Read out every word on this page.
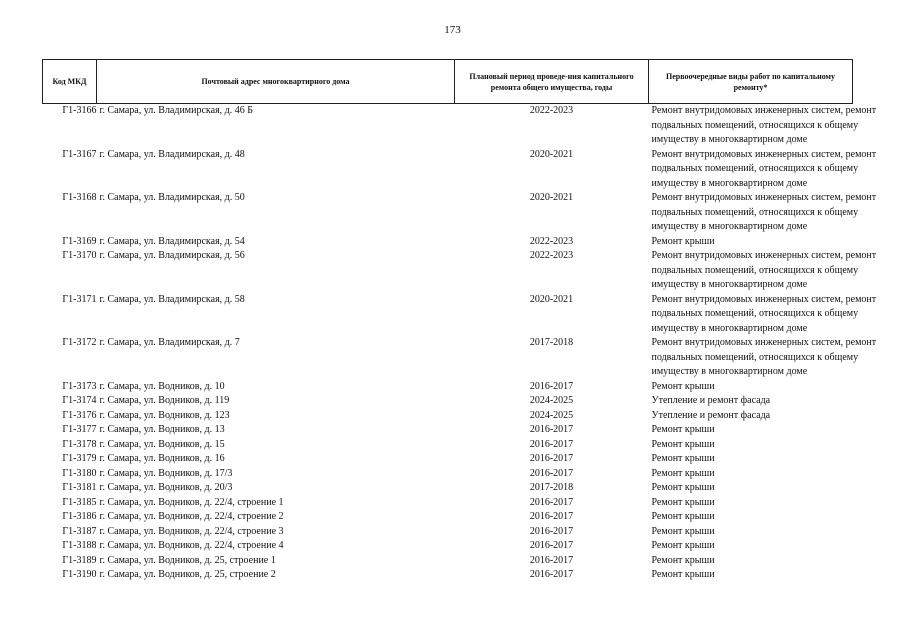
173
Код МКД	Почтовый адрес многоквартирного дома	Плановый период проведе-ния капитального ремонта общего имущества, годы	Первоочередные виды работ по капитальному ремонту*
Г1-3166	г. Самара, ул. Владимирская, д. 46 Б	2022-2023	Ремонт внутридомовых инженерных систем, ремонт подвальных помещений, относящихся к общему имуществу в многоквартирном доме

Г1-3167	г. Самара, ул. Владимирская, д. 48	2020-2021	Ремонт внутридомовых инженерных систем, ремонт подвальных помещений, относящихся к общему имуществу в многоквартирном доме

Г1-3168	г. Самара, ул. Владимирская, д. 50	2020-2021	Ремонт внутридомовых инженерных систем, ремонт подвальных помещений, относящихся к общему имуществу в многоквартирном доме

Г1-3169	г. Самара, ул. Владимирская, д. 54	2022-2023	Ремонт крыши

Г1-3170	г. Самара, ул. Владимирская, д. 56	2022-2023	Ремонт внутридомовых инженерных систем, ремонт подвальных помещений, относящихся к общему имуществу в многоквартирном доме

Г1-3171	г. Самара, ул. Владимирская, д. 58	2020-2021	Ремонт внутридомовых инженерных систем, ремонт подвальных помещений, относящихся к общему имуществу в многоквартирном доме

Г1-3172	г. Самара, ул. Владимирская, д. 7	2017-2018	Ремонт внутридомовых инженерных систем, ремонт подвальных помещений, относящихся к общему имуществу в многоквартирном доме

Г1-3173	г. Самара, ул. Водников, д. 10	2016-2017	Ремонт крыши

Г1-3174	г. Самара, ул. Водников, д. 119	2024-2025	Утепление и ремонт фасада

Г1-3176	г. Самара, ул. Водников, д. 123	2024-2025	Утепление и ремонт фасада

Г1-3177	г. Самара, ул. Водников, д. 13	2016-2017	Ремонт крыши

Г1-3178	г. Самара, ул. Водников, д. 15	2016-2017	Ремонт крыши

Г1-3179	г. Самара, ул. Водников, д. 16	2016-2017	Ремонт крыши

Г1-3180	г. Самара, ул. Водников, д. 17/3	2016-2017	Ремонт крыши

Г1-3181	г. Самара, ул. Водников, д. 20/3	2017-2018	Ремонт крыши

Г1-3185	г. Самара, ул. Водников, д. 22/4, строение 1	2016-2017	Ремонт крыши

Г1-3186	г. Самара, ул. Водников, д. 22/4, строение 2	2016-2017	Ремонт крыши

Г1-3187	г. Самара, ул. Водников, д. 22/4, строение 3	2016-2017	Ремонт крыши

Г1-3188	г. Самара, ул. Водников, д. 22/4, строение 4	2016-2017	Ремонт крыши

Г1-3189	г. Самара, ул. Водников, д. 25, строение 1	2016-2017	Ремонт крыши

Г1-3190	г. Самара, ул. Водников, д. 25, строение 2	2016-2017	Ремонт крыши
